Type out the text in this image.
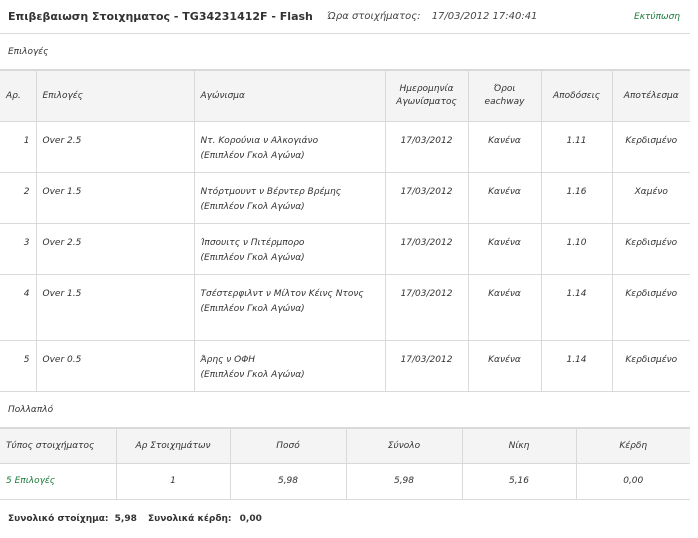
Επιβεβαιωση Στοιχηματος - TG34231412F - Flash Ώρα στοιχήματος: 17/03/2012 17:40:41	Εκτύπωση
Επιλογές
Αρ.	Επιλογές	Αγώνισμα	Ημερομηνία Αγωνίσματος	Όροι eachway	Αποδόσεις	Αποτέλεσμα
1	Over 2.5	Ντ. Κορούνια ν Αλκογιάνο
(Επιπλέον Γκολ Αγώνα)	17/03/2012	Κανένα	1.11	Κερδισμένο
2	Over 1.5	Ντόρτμουντ ν Βέρντερ Βρέμης
(Επιπλέον Γκολ Αγώνα)	17/03/2012	Κανένα	1.16	Χαμένο
3	Over 2.5	Ίπσουιτς ν Πιτέρμπορο
(Επιπλέον Γκολ Αγώνα)	17/03/2012	Κανένα	1.10	Κερδισμένο
4	Over 1.5	Τσέστερφιλντ ν Μίλτον Κέινς Ντονς
(Επιπλέον Γκολ Αγώνα)	17/03/2012	Κανένα	1.14	Κερδισμένο
5	Over 0.5	Άρης ν ΟΦΗ
(Επιπλέον Γκολ Αγώνα)	17/03/2012	Κανένα	1.14	Κερδισμένο
Πολλαπλό
Τύπος στοιχήματος	Αρ Στοιχημάτων	Ποσό	Σύνολο	Νίκη	Κέρδη
5 Επιλογές	1	5,98	5,98	5,16	0,00
Συνολικό στοίχημα: 5,98 Συνολικά κέρδη: 0,00
